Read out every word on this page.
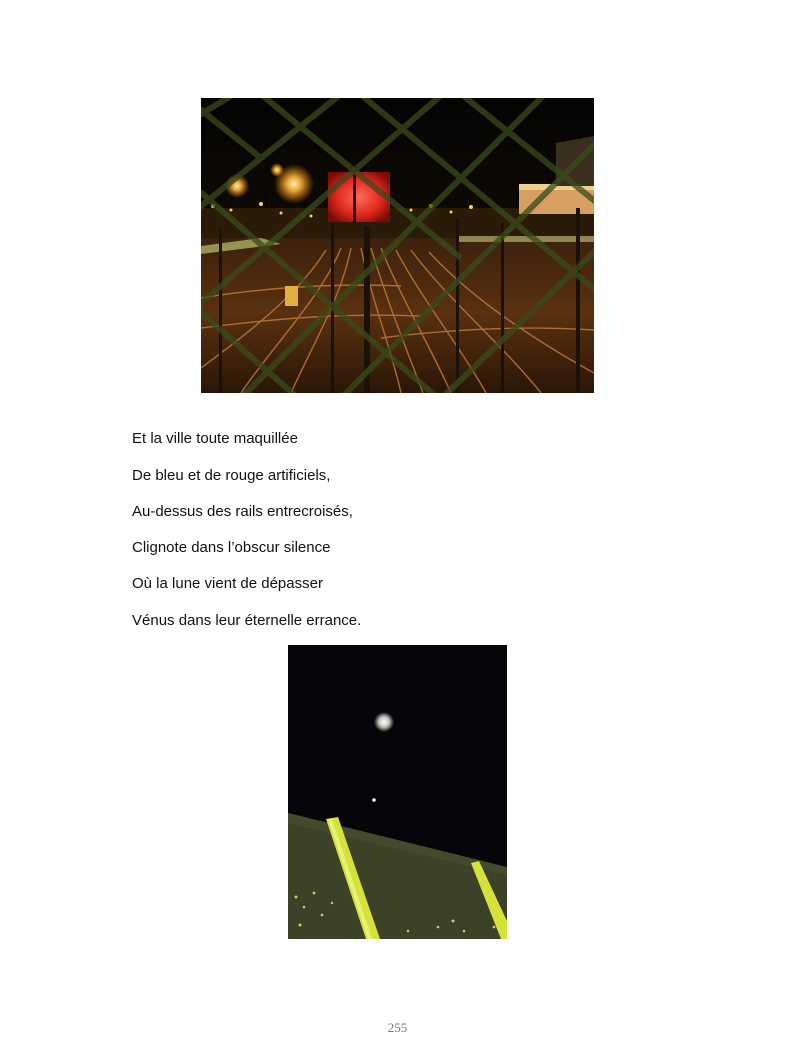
Et la ville toute maquillée
De bleu et de rouge artificiels,
Au-dessus des rails entrecroisés,
Clignote dans l’obscur silence
Où la lune vient de dépasser
Vénus dans leur éternelle errance.
255
